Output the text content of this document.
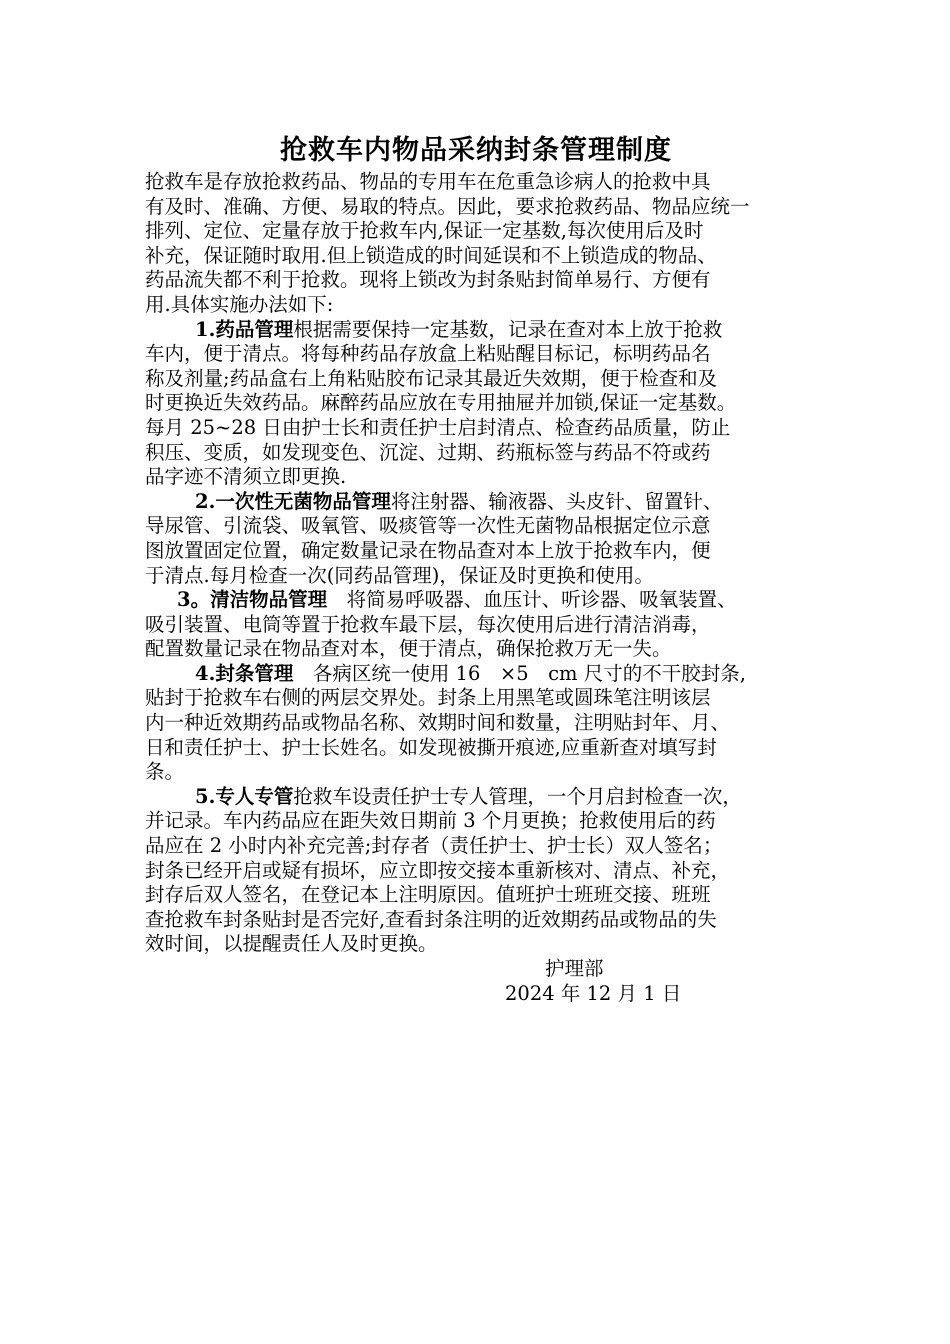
抢救车内物品采纳封条管理制度

抢救车是存放抢救药品、物品的专用车在危重急诊病人的抢救中具
有及时、准确、方便、易取的特点。因此，要求抢救药品、物品应统一
排列、定位、定量存放于抢救车内,保证一定基数,每次使用后及时
补充，保证随时取用.但上锁造成的时间延误和不上锁造成的物品、
药品流失都不利于抢救。现将上锁改为封条贴封简单易行、方便有
用.具体实施办法如下:

1.药品管理根据需要保持一定基数，记录在查对本上放于抢救
车内，便于清点。将每种药品存放盒上粘贴醒目标记，标明药品名
称及剂量;药品盒右上角粘贴胶布记录其最近失效期，便于检查和及
时更换近失效药品。麻醉药品应放在专用抽屉并加锁,保证一定基数。
每月 25~28 日由护士长和责任护士启封清点、检查药品质量，防止
积压、变质，如发现变色、沉淀、过期、药瓶标签与药品不符或药
品字迹不清须立即更换.

2.一次性无菌物品管理将注射器、输液器、头皮针、留置针、
导尿管、引流袋、吸氧管、吸痰管等一次性无菌物品根据定位示意
图放置固定位置，确定数量记录在物品查对本上放于抢救车内，便
于清点.每月检查一次(同药品管理)，保证及时更换和使用。

3。清洁物品管理　将简易呼吸器、血压计、听诊器、吸氧装置、
吸引装置、电筒等置于抢救车最下层，每次使用后进行清洁消毒，
配置数量记录在物品查对本，便于清点，确保抢救万无一失。

4.封条管理　各病区统一使用 16　×5　cm 尺寸的不干胶封条,
贴封于抢救车右侧的两层交界处。封条上用黑笔或圆珠笔注明该层
内一种近效期药品或物品名称、效期时间和数量，注明贴封年、月、
日和责任护士、护士长姓名。如发现被撕开痕迹,应重新查对填写封
条。

5.专人专管抢救车设责任护士专人管理，一个月启封检查一次，
并记录。车内药品应在距失效日期前 3 个月更换；抢救使用后的药
品应在 2 小时内补充完善;封存者（责任护士、护士长）双人签名；
封条已经开启或疑有损坏，应立即按交接本重新核对、清点、补充，
封存后双人签名，在登记本上注明原因。值班护士班班交接、班班
查抢救车封条贴封是否完好,查看封条注明的近效期药品或物品的失
效时间，以提醒责任人及时更换。

护理部
2024 年 12 月 1 日
